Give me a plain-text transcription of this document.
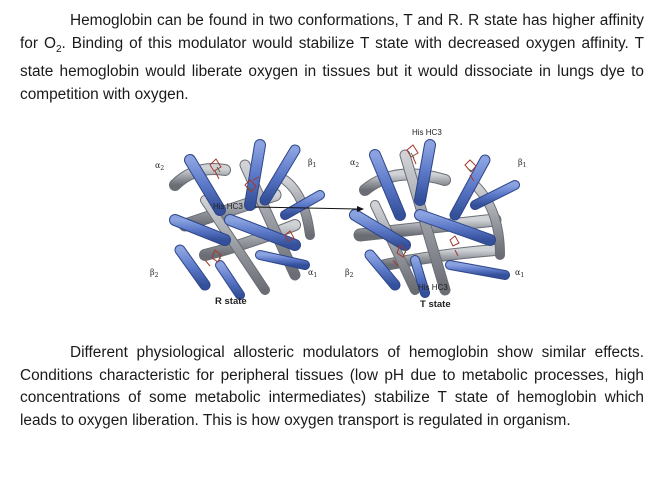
Hemoglobin can be found in two conformations, T and R. R state has higher affinity for $O_2$. Binding of this modulator would stabilize T state with decreased oxygen affinity. T state hemoglobin would liberate oxygen in tissues but it would dissociate in lungs dye to competition with oxygen.

$\alpha_2$
$\beta_1$
$\beta_2$	$\alpha_1$
His HC3
R state
$\alpha_2$	$\beta_1$
$\beta_2$	$\alpha_1$
His HC3
His HC3
T state

Different physiological allosteric modulators of hemoglobin show similar effects. Conditions characteristic for peripheral tissues (low pH due to metabolic processes, high concentrations of some metabolic intermediates) stabilize T state of hemoglobin which leads to oxygen liberation. This is how oxygen transport is regulated in organism.
